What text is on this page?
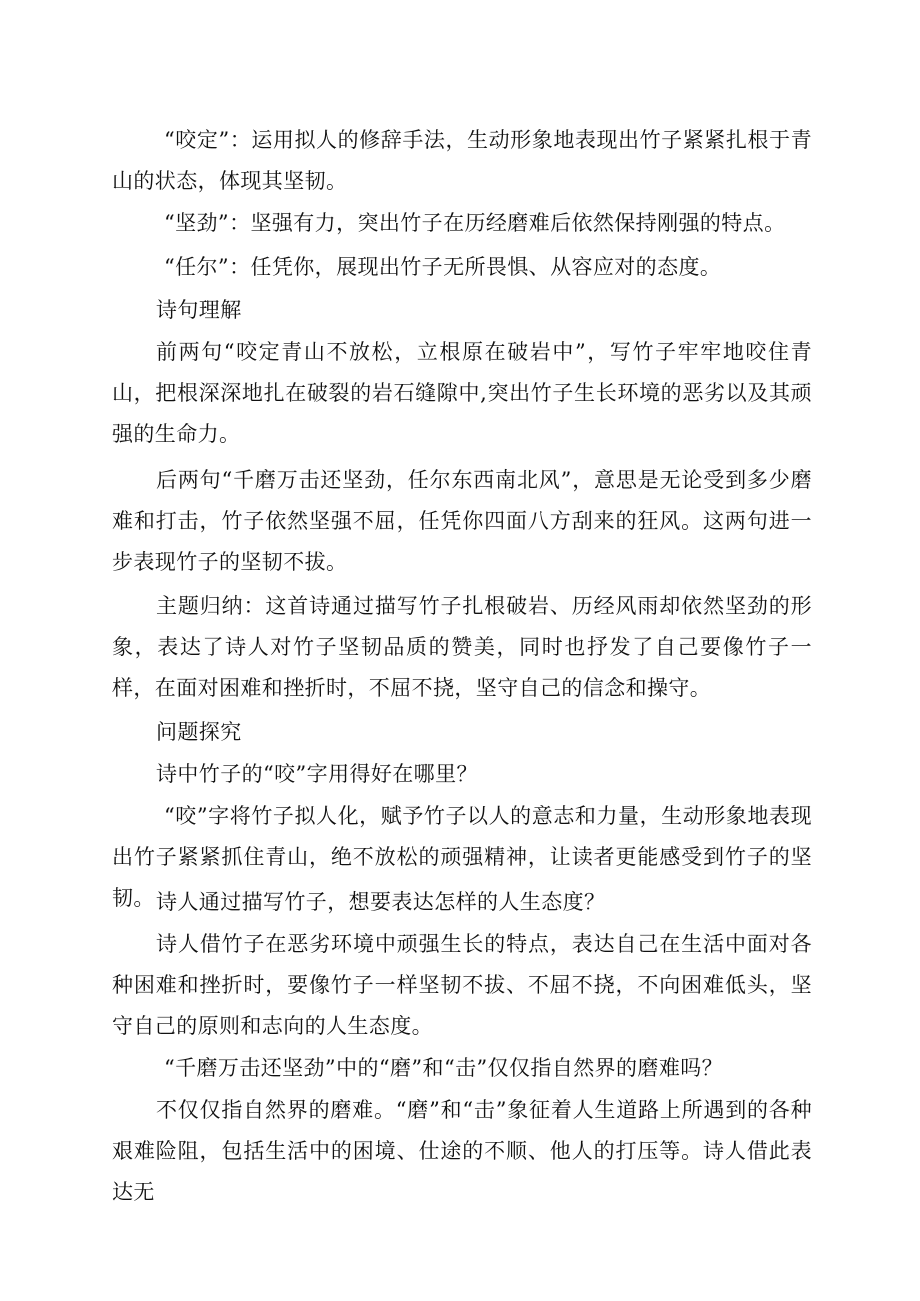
“咬定”：运用拟人的修辞手法，生动形象地表现出竹子紧紧扎根于青山的状态，体现其坚韧。

“坚劲”：坚强有力，突出竹子在历经磨难后依然保持刚强的特点。

“任尔”：任凭你，展现出竹子无所畏惧、从容应对的态度。

诗句理解

前两句“咬定青山不放松，立根原在破岩中”，写竹子牢牢地咬住青山，把根深深地扎在破裂的岩石缝隙中,突出竹子生长环境的恶劣以及其顽强的生命力。

后两句“千磨万击还坚劲，任尔东西南北风”，意思是无论受到多少磨难和打击，竹子依然坚强不屈，任凭你四面八方刮来的狂风。这两句进一步表现竹子的坚韧不拔。

主题归纳：这首诗通过描写竹子扎根破岩、历经风雨却依然坚劲的形象，表达了诗人对竹子坚韧品质的赞美，同时也抒发了自己要像竹子一样，在面对困难和挫折时，不屈不挠，坚守自己的信念和操守。

问题探究

诗中竹子的“咬”字用得好在哪里？

“咬”字将竹子拟人化，赋予竹子以人的意志和力量，生动形象地表现出竹子紧紧抓住青山，绝不放松的顽强精神，让读者更能感受到竹子的坚韧。 诗人通过描写竹子，想要表达怎样的人生态度？

诗人借竹子在恶劣环境中顽强生长的特点，表达自己在生活中面对各种困难和挫折时，要像竹子一样坚韧不拔、不屈不挠，不向困难低头，坚守自己的原则和志向的人生态度。

“千磨万击还坚劲”中的“磨”和“击”仅仅指自然界的磨难吗？

不仅仅指自然界的磨难。“磨”和“击”象征着人生道路上所遇到的各种艰难险阻，包括生活中的困境、仕途的不顺、他人的打压等。诗人借此表达无
